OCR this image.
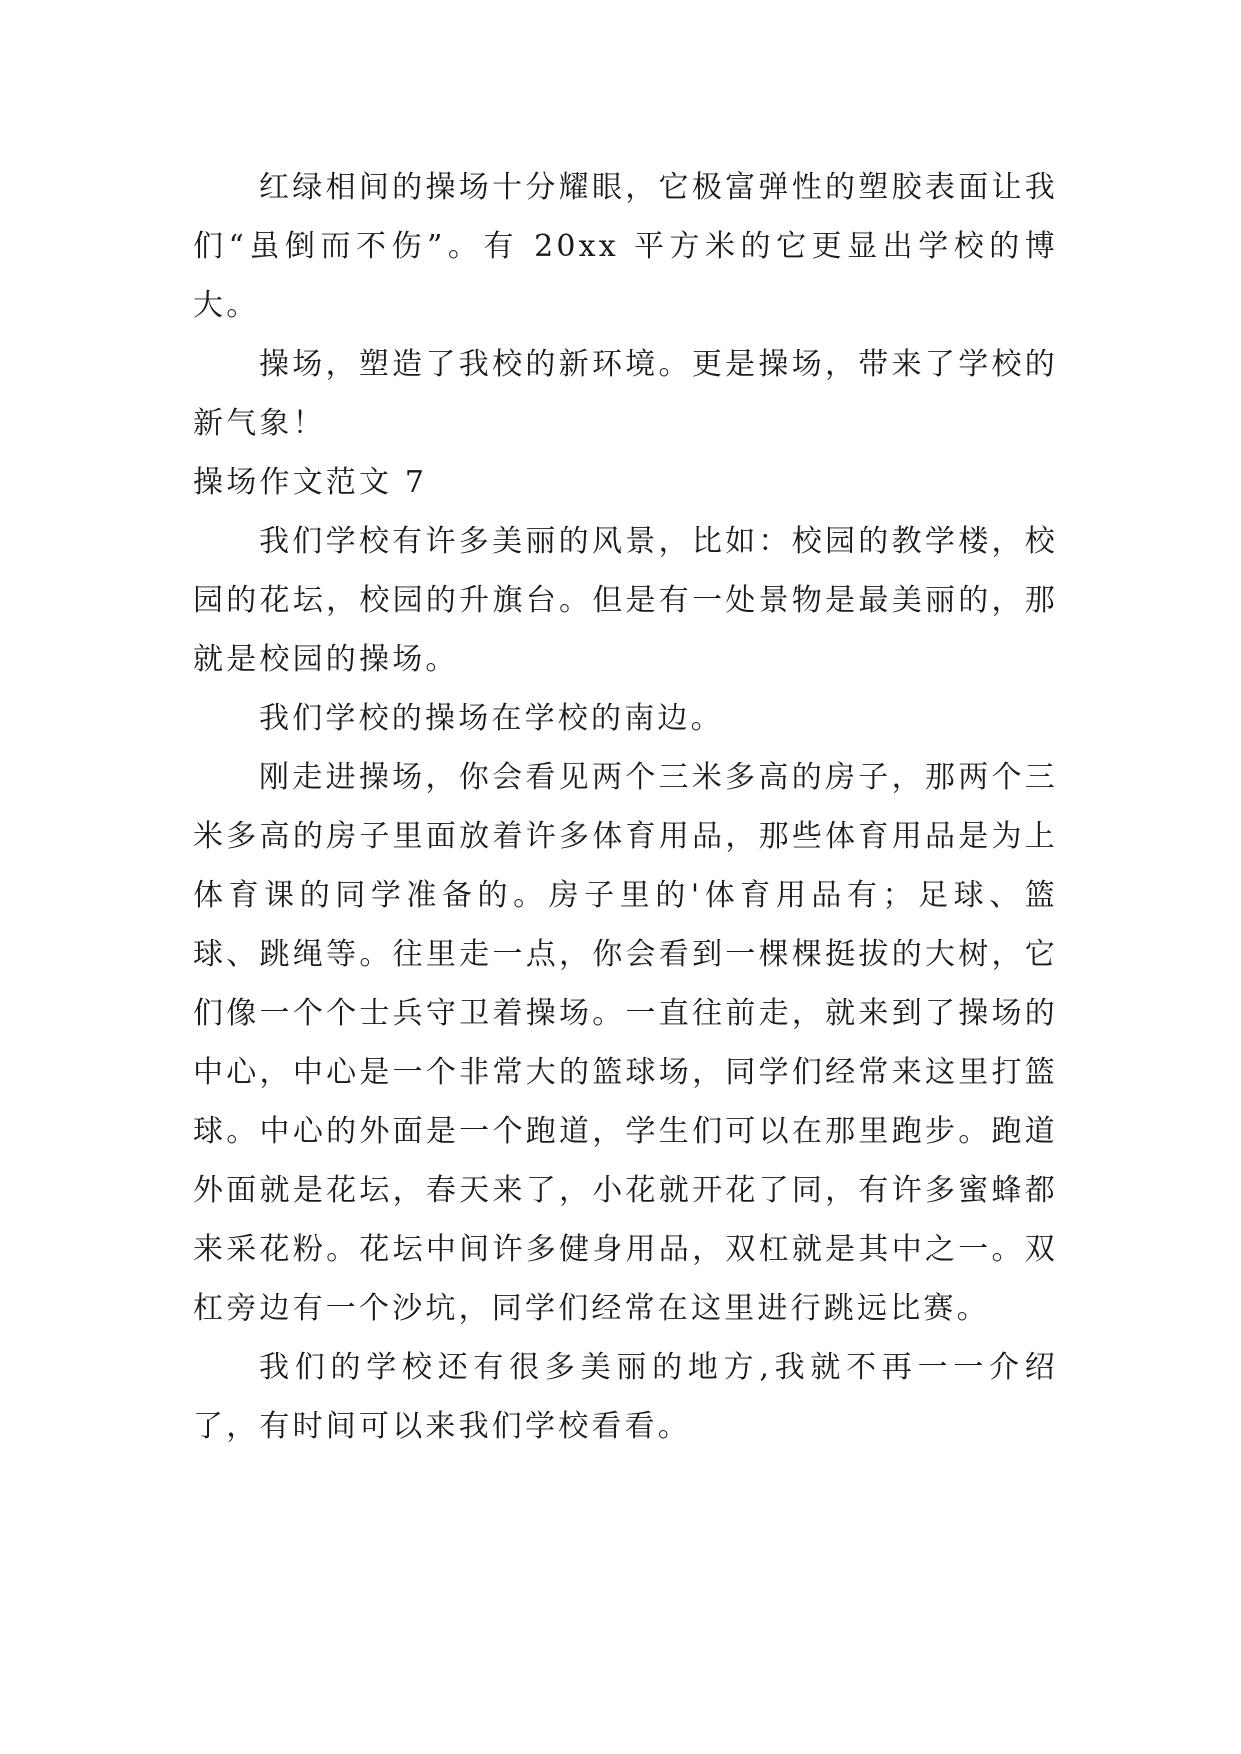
红绿相间的操场十分耀眼，它极富弹性的塑胶表面让我们“虽倒而不伤”。有 20xx 平方米的它更显出学校的博大。

操场，塑造了我校的新环境。更是操场，带来了学校的新气象！

操场作文范文 7

我们学校有许多美丽的风景，比如：校园的教学楼，校园的花坛，校园的升旗台。但是有一处景物是最美丽的，那就是校园的操场。

我们学校的操场在学校的南边。

刚走进操场，你会看见两个三米多高的房子，那两个三米多高的房子里面放着许多体育用品，那些体育用品是为上体育课的同学准备的。房子里的'体育用品有；足球、篮球、跳绳等。往里走一点，你会看到一棵棵挺拔的大树，它们像一个个士兵守卫着操场。一直往前走，就来到了操场的中心，中心是一个非常大的篮球场，同学们经常来这里打篮球。中心的外面是一个跑道，学生们可以在那里跑步。跑道外面就是花坛，春天来了，小花就开花了同，有许多蜜蜂都来采花粉。花坛中间许多健身用品，双杠就是其中之一。双杠旁边有一个沙坑，同学们经常在这里进行跳远比赛。

我们的学校还有很多美丽的地方,我就不再一一介绍了，有时间可以来我们学校看看。
